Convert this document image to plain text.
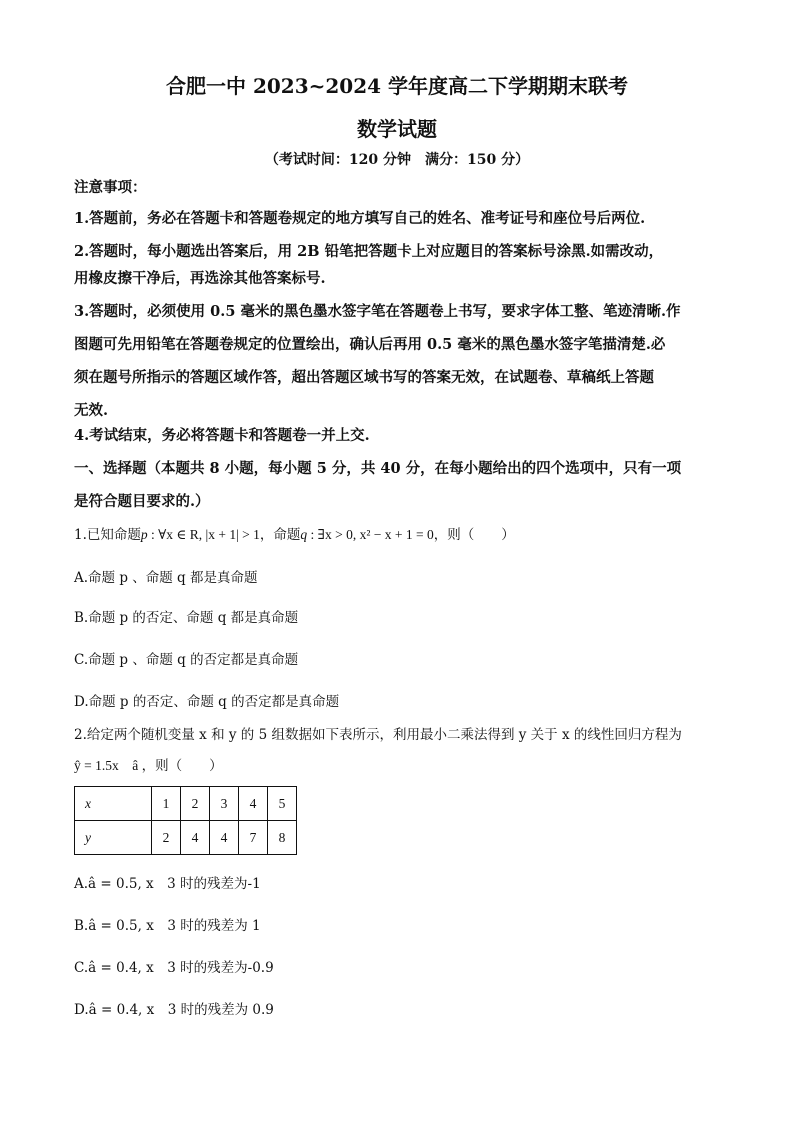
合肥一中 2023~2024 学年度高二下学期期末联考
数学试题
（考试时间：120 分钟　满分：150 分）
注意事项：
1.答题前，务必在答题卡和答题卷规定的地方填写自己的姓名、准考证号和座位号后两位.
2.答题时，每小题选出答案后，用 2B 铅笔把答题卡上对应题目的答案标号涂黑.如需改动，
用橡皮擦干净后，再选涂其他答案标号.
3.答题时，必须使用 0.5 毫米的黑色墨水签字笔在答题卷上书写，要求字体工整、笔迹清晰.作
图题可先用铅笔在答题卷规定的位置绘出，确认后再用 0.5 毫米的黑色墨水签字笔描清楚.必
须在题号所指示的答题区域作答，超出答题区域书写的答案无效，在试题卷、草稿纸上答题
无效.
4.考试结束，务必将答题卡和答题卷一并上交.
一、选择题（本题共 8 小题，每小题 5 分，共 40 分，在每小题给出的四个选项中，只有一项
是符合题目要求的.）
1.已知命题p : ∀x ∈ R, |x + 1| > 1，命题q : ∃x > 0, x² − x + 1 = 0，则（　　）
A.命题 p 、命题 q 都是真命题
B.命题 p 的否定、命题 q 都是真命题
C.命题 p 、命题 q 的否定都是真命题
D.命题 p 的否定、命题 q 的否定都是真命题
2.给定两个随机变量 x 和 y 的 5 组数据如下表所示，利用最小二乘法得到 y 关于 x 的线性回归方程为
ŷ = 1.5x　â ，则（　　）
x	1	2	3	4	5
y	2	4	4	7	8
A.â = 0.5, x　3 时的残差为-1
B.â = 0.5, x　3 时的残差为 1
C.â = 0.4, x　3 时的残差为-0.9
D.â = 0.4, x　3 时的残差为 0.9
